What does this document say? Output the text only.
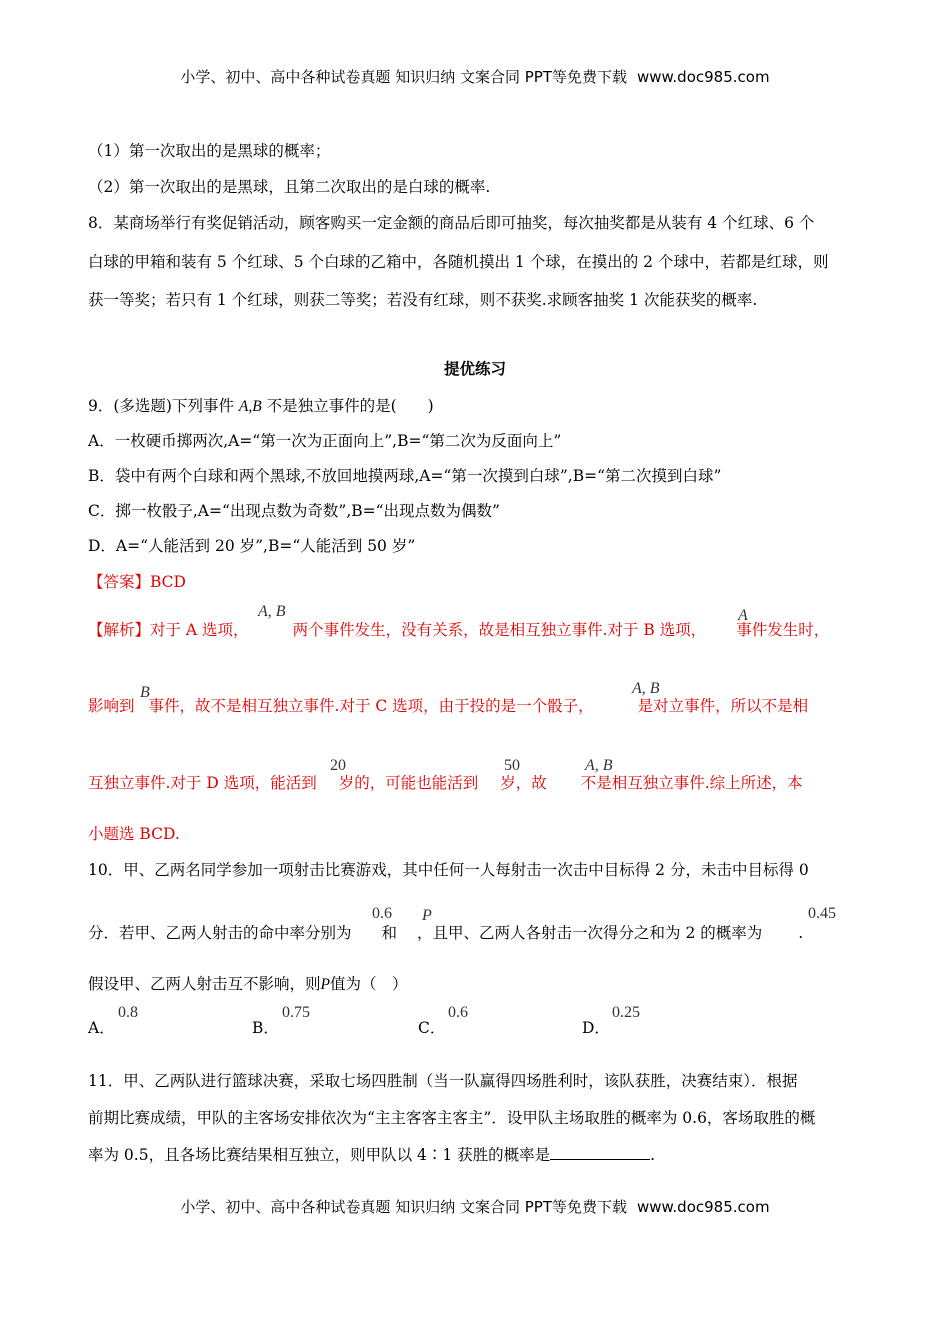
小学、初中、高中各种试卷真题 知识归纳 文案合同 PPT等免费下载 www.doc985.com
（1）第一次取出的是黑球的概率；
（2）第一次取出的是黑球，且第二次取出的是白球的概率.
8．某商场举行有奖促销活动，顾客购买一定金额的商品后即可抽奖，每次抽奖都是从装有 4 个红球、6 个
白球的甲箱和装有 5 个红球、5 个白球的乙箱中，各随机摸出 1 个球，在摸出的 2 个球中，若都是红球，则
获一等奖；若只有 1 个红球，则获二等奖；若没有红球，则不获奖.求顾客抽奖 1 次能获奖的概率.
提优练习
9．(多选题)下列事件 A,B 不是独立事件的是(　　)
A．一枚硬币掷两次,A=“第一次为正面向上”,B=“第二次为反面向上”
B．袋中有两个白球和两个黑球,不放回地摸两球,A=“第一次摸到白球”,B=“第二次摸到白球”
C．掷一枚骰子,A=“出现点数为奇数”,B=“出现点数为偶数”
D．A=“人能活到 20 岁”,B=“人能活到 50 岁”
【答案】BCD
【解析】对于 A 选项，	两个事件发生，没有关系，故是相互独立事件.对于 B 选项， 事件发生时，
A, B	A
影响到 事件，故不是相互独立事件.对于 C 选项，由于投的是一个骰子，	是对立事件，所以不是相
B	A, B
互独立事件.对于 D 选项，能活到 岁的，可能也能活到 岁，故 不是相互独立事件.综上所述，本
20	50	A, B
小题选 BCD.
10．甲、乙两名同学参加一项射击比赛游戏，其中任何一人每射击一次击中目标得 2 分，未击中目标得 0
分．若甲、乙两人射击的命中率分别为 和 ，且甲、乙两人各射击一次得分之和为 2 的概率为 .
0.6 P	0.45
假设甲、乙两人射击互不影响，则P值为（　）
A．
0.8
B．
0.75
C．
0.6
D．
0.25
11．甲、乙两队进行篮球决赛，采取七场四胜制（当一队赢得四场胜利时，该队获胜，决赛结束）．根据
前期比赛成绩，甲队的主客场安排依次为“主主客客主客主”．设甲队主场取胜的概率为 0.6，客场取胜的概
率为 0.5，且各场比赛结果相互独立，则甲队以 4∶1 获胜的概率是	.
小学、初中、高中各种试卷真题 知识归纳 文案合同 PPT等免费下载 www.doc985.com
